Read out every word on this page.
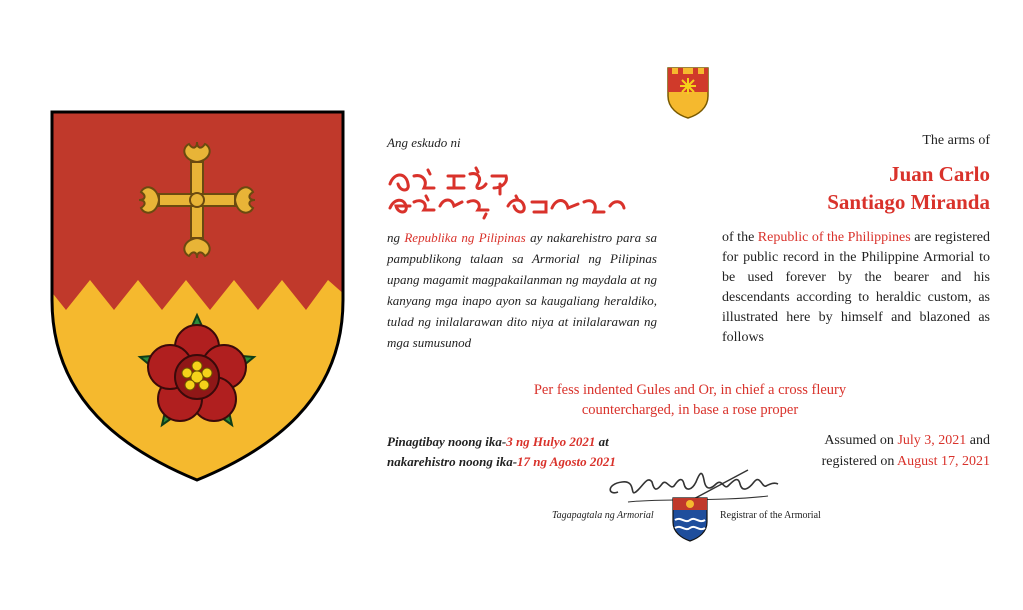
Ang eskudo ni
ᜑᜓᜏᜈ᜔ ᜃᜇᜓᜎᜓ
ng Republika ng Pilipinas ay nakarehistro para sa pampublikong talaan sa Armorial ng Pilipinas upang magamit magpakailanman ng maydala at ng kanyang mga inapo ayon sa kaugaliang heraldiko, tulad ng inilalarawan dito niya at inilalarawan ng mga sumusunod
Pinagtibay noong ika-3 ng Hulyo 2021 at
nakarehistro noong ika-17 ng Agosto 2021
The arms of
Juan Carlo
Santiago Miranda
of the Republic of the Philippines are registered for public record in the Philippine Armorial to be used forever by the bearer and his descendants according to heraldic custom, as illustrated here by himself and blazoned as follows
Per fess indented Gules and Or, in chief a cross fleury
countercharged, in base a rose proper
Assumed on July 3, 2021 and
registered on August 17, 2021
Tagapagtala ng Armorial	Registrar of the Armorial
